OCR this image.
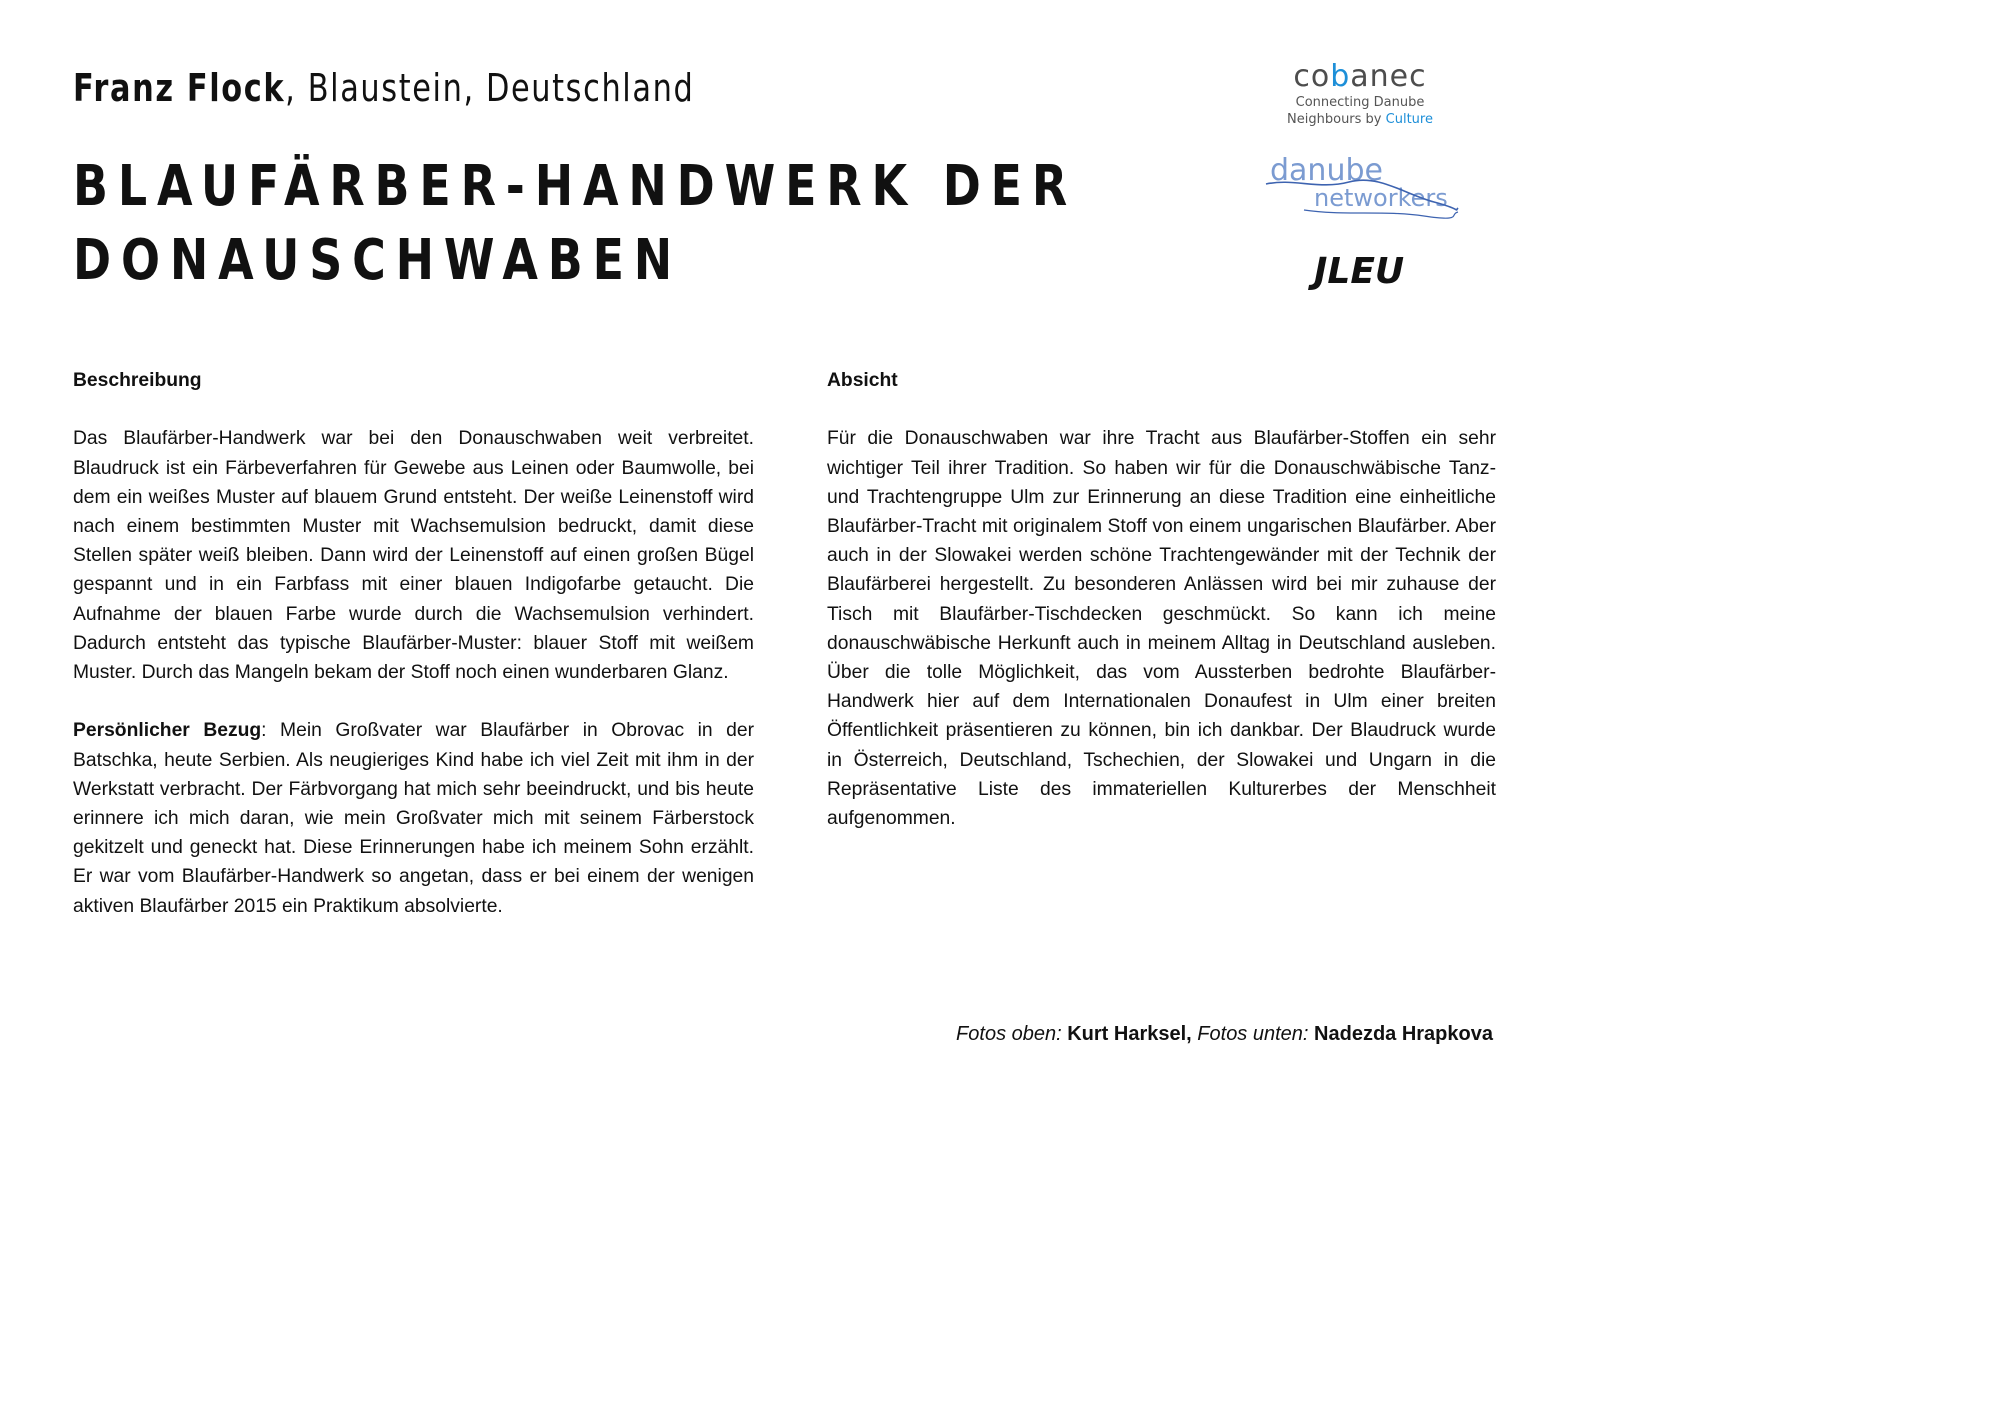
Franz Flock, Blaustein, Deutschland
BLAUFÄRBER-HANDWERK DER
DONAUSCHWABEN
cobanec
Connecting Danube
Neighbours by Culture
danube
networkers
JLEU
Beschreibung

Das Blaufärber-Handwerk war bei den Donauschwaben weit verbreitet. Blaudruck ist ein Färbeverfahren für Gewebe aus Leinen oder Baumwolle, bei dem ein weißes Muster auf blauem Grund entsteht. Der weiße Leinenstoff wird nach einem bestimmten Muster mit Wachsemulsion bedruckt, damit diese Stellen später weiß bleiben. Dann wird der Leinenstoff auf einen großen Bügel gespannt und in ein Farbfass mit einer blauen Indigofarbe getaucht. Die Aufnahme der blauen Farbe wurde durch die Wachsemulsion verhindert. Dadurch entsteht das typische Blaufärber-Muster: blauer Stoff mit weißem Muster. Durch das Mangeln bekam der Stoff noch einen wunderbaren Glanz.

Persönlicher Bezug: Mein Großvater war Blaufärber in Obrovac in der Batschka, heute Serbien. Als neugieriges Kind habe ich viel Zeit mit ihm in der Werkstatt verbracht. Der Färbvorgang hat mich sehr beeindruckt, und bis heute erinnere ich mich daran, wie mein Großvater mich mit seinem Färberstock gekitzelt und geneckt hat. Diese Erinnerungen habe ich meinem Sohn erzählt. Er war vom Blaufärber-Handwerk so angetan, dass er bei einem der wenigen aktiven Blaufärber 2015 ein Praktikum absolvierte.

Absicht

Für die Donauschwaben war ihre Tracht aus Blaufärber-Stoffen ein sehr wichtiger Teil ihrer Tradition. So haben wir für die Donauschwäbische Tanz- und Trachtengruppe Ulm zur Erinnerung an diese Tradition eine einheitliche Blaufärber-Tracht mit originalem Stoff von einem ungarischen Blaufärber. Aber auch in der Slowakei werden schöne Trachtengewänder mit der Technik der Blaufärberei hergestellt. Zu besonderen Anlässen wird bei mir zuhause der Tisch mit Blaufärber-Tischdecken geschmückt. So kann ich meine donauschwäbische Herkunft auch in meinem Alltag in Deutschland ausleben. Über die tolle Möglichkeit, das vom Aussterben bedrohte Blaufärber-Handwerk hier auf dem Internationalen Donaufest in Ulm einer breiten Öffentlichkeit präsentieren zu können, bin ich dankbar. Der Blaudruck wurde in Österreich, Deutschland, Tschechien, der Slowakei und Ungarn in die Repräsentative Liste des immateriellen Kulturerbes der Menschheit aufgenommen.

Fotos oben: Kurt Harksel, Fotos unten: Nadezda Hrapkova
